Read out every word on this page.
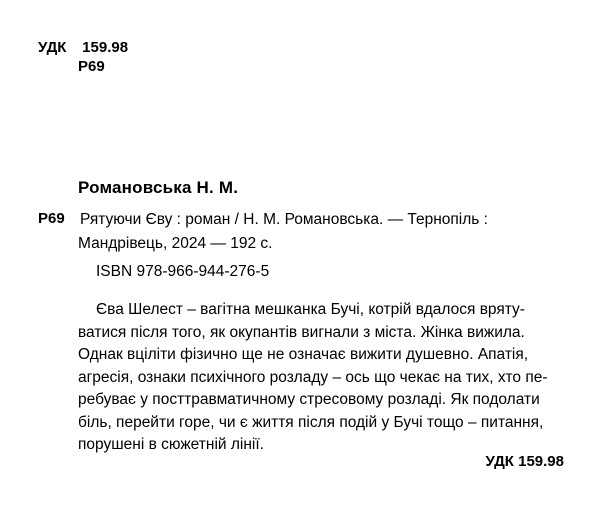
УДК 159.98
Р69
Романовська Н. М.
Р69 Рятуючи Єву : роман / Н. М. Романовська. — Тернопіль :
Мандрівець, 2024 — 192 с.
ISBN 978-966-944-276-5
Єва Шелест – вагітна мешканка Бучі, котрій вдалося вряту-
ватися після того, як окупантів вигнали з міста. Жінка вижила.
Однак вціліти фізично ще не означає вижити душевно. Апатія,
агресія, ознаки психічного розладу – ось що чекає на тих, хто пе-
ребуває у посттравматичному стресовому розладі. Як подолати
біль, перейти горе, чи є життя після подій у Бучі тощо – питання,
порушені в сюжетній лінії.
УДК 159.98
